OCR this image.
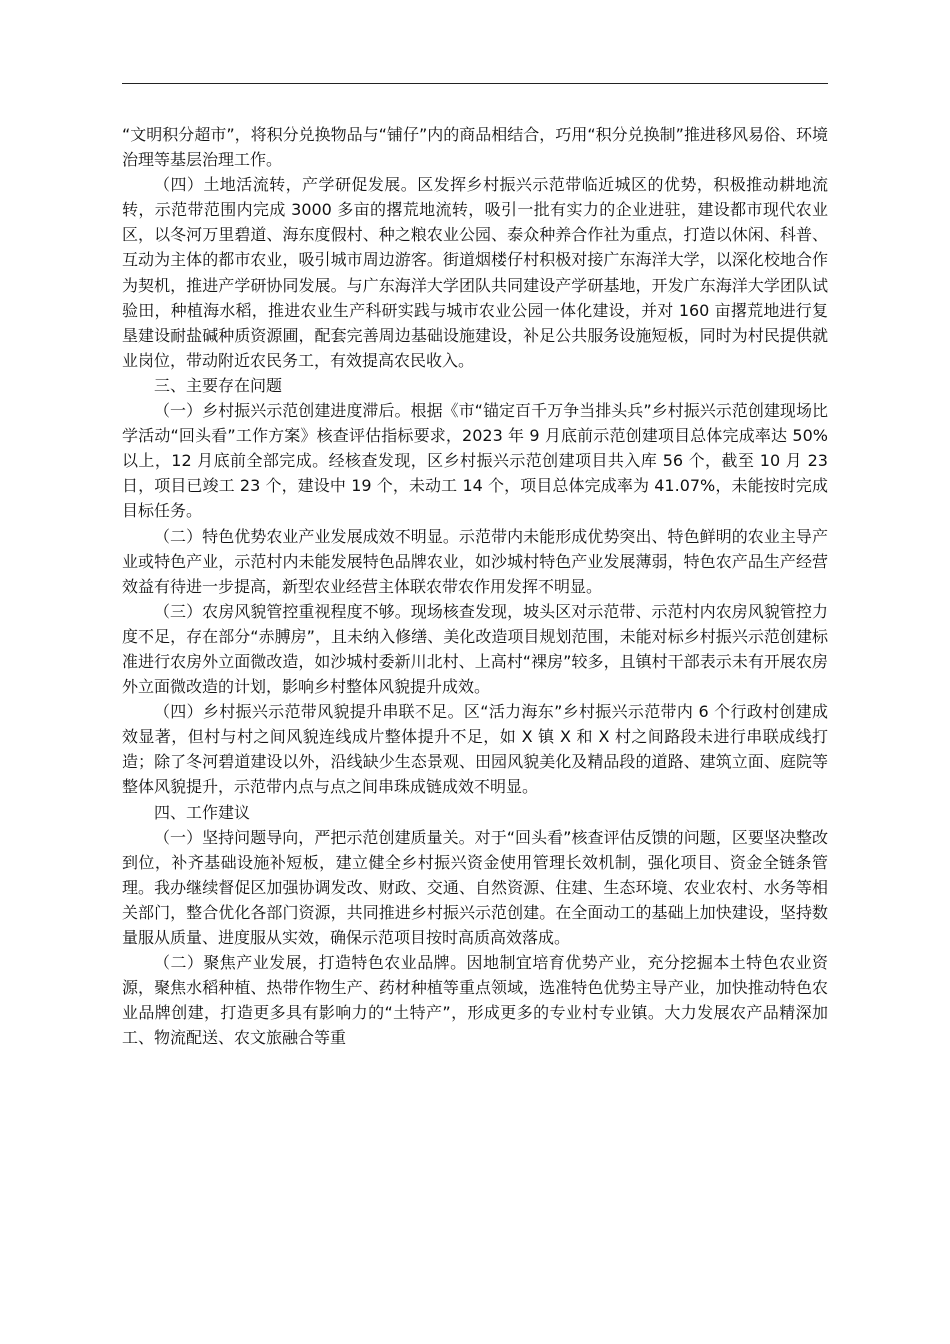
“文明积分超市”，将积分兑换物品与“铺仔”内的商品相结合，巧用“积分兑换制”推进移风易俗、环境治理等基层治理工作。

（四）土地活流转，产学研促发展。区发挥乡村振兴示范带临近城区的优势，积极推动耕地流转，示范带范围内完成 3000 多亩的撂荒地流转，吸引一批有实力的企业进驻，建设都市现代农业区，以冬河万里碧道、海东度假村、种之粮农业公园、泰众种养合作社为重点，打造以休闲、科普、互动为主体的都市农业，吸引城市周边游客。街道烟楼仔村积极对接广东海洋大学，以深化校地合作为契机，推进产学研协同发展。与广东海洋大学团队共同建设产学研基地，开发广东海洋大学团队试验田，种植海水稻，推进农业生产科研实践与城市农业公园一体化建设，并对 160 亩撂荒地进行复垦建设耐盐碱种质资源圃，配套完善周边基础设施建设，补足公共服务设施短板，同时为村民提供就业岗位，带动附近农民务工，有效提高农民收入。

三、主要存在问题

（一）乡村振兴示范创建进度滞后。根据《市“锚定百千万争当排头兵”乡村振兴示范创建现场比学活动“回头看”工作方案》核查评估指标要求，2023 年 9 月底前示范创建项目总体完成率达 50%以上，12 月底前全部完成。经核查发现，区乡村振兴示范创建项目共入库 56 个，截至 10 月 23 日，项目已竣工 23 个，建设中 19 个，未动工 14 个，项目总体完成率为 41.07%，未能按时完成目标任务。

（二）特色优势农业产业发展成效不明显。示范带内未能形成优势突出、特色鲜明的农业主导产业或特色产业，示范村内未能发展特色品牌农业，如沙城村特色产业发展薄弱，特色农产品生产经营效益有待进一步提高，新型农业经营主体联农带农作用发挥不明显。

（三）农房风貌管控重视程度不够。现场核查发现，坡头区对示范带、示范村内农房风貌管控力度不足，存在部分“赤膊房”，且未纳入修缮、美化改造项目规划范围，未能对标乡村振兴示范创建标准进行农房外立面微改造，如沙城村委新川北村、上高村“裸房”较多，且镇村干部表示未有开展农房外立面微改造的计划，影响乡村整体风貌提升成效。

（四）乡村振兴示范带风貌提升串联不足。区“活力海东”乡村振兴示范带内 6 个行政村创建成效显著，但村与村之间风貌连线成片整体提升不足，如 X 镇 X 和 X 村之间路段未进行串联成线打造；除了冬河碧道建设以外，沿线缺少生态景观、田园风貌美化及精品段的道路、建筑立面、庭院等整体风貌提升，示范带内点与点之间串珠成链成效不明显。

四、工作建议

（一）坚持问题导向，严把示范创建质量关。对于“回头看”核查评估反馈的问题，区要坚决整改到位，补齐基础设施补短板，建立健全乡村振兴资金使用管理长效机制，强化项目、资金全链条管理。我办继续督促区加强协调发改、财政、交通、自然资源、住建、生态环境、农业农村、水务等相关部门，整合优化各部门资源，共同推进乡村振兴示范创建。在全面动工的基础上加快建设，坚持数量服从质量、进度服从实效，确保示范项目按时高质高效落成。

（二）聚焦产业发展，打造特色农业品牌。因地制宜培育优势产业，充分挖掘本土特色农业资源，聚焦水稻种植、热带作物生产、药材种植等重点领域，选准特色优势主导产业，加快推动特色农业品牌创建，打造更多具有影响力的“土特产”，形成更多的专业村专业镇。大力发展农产品精深加工、物流配送、农文旅融合等重
